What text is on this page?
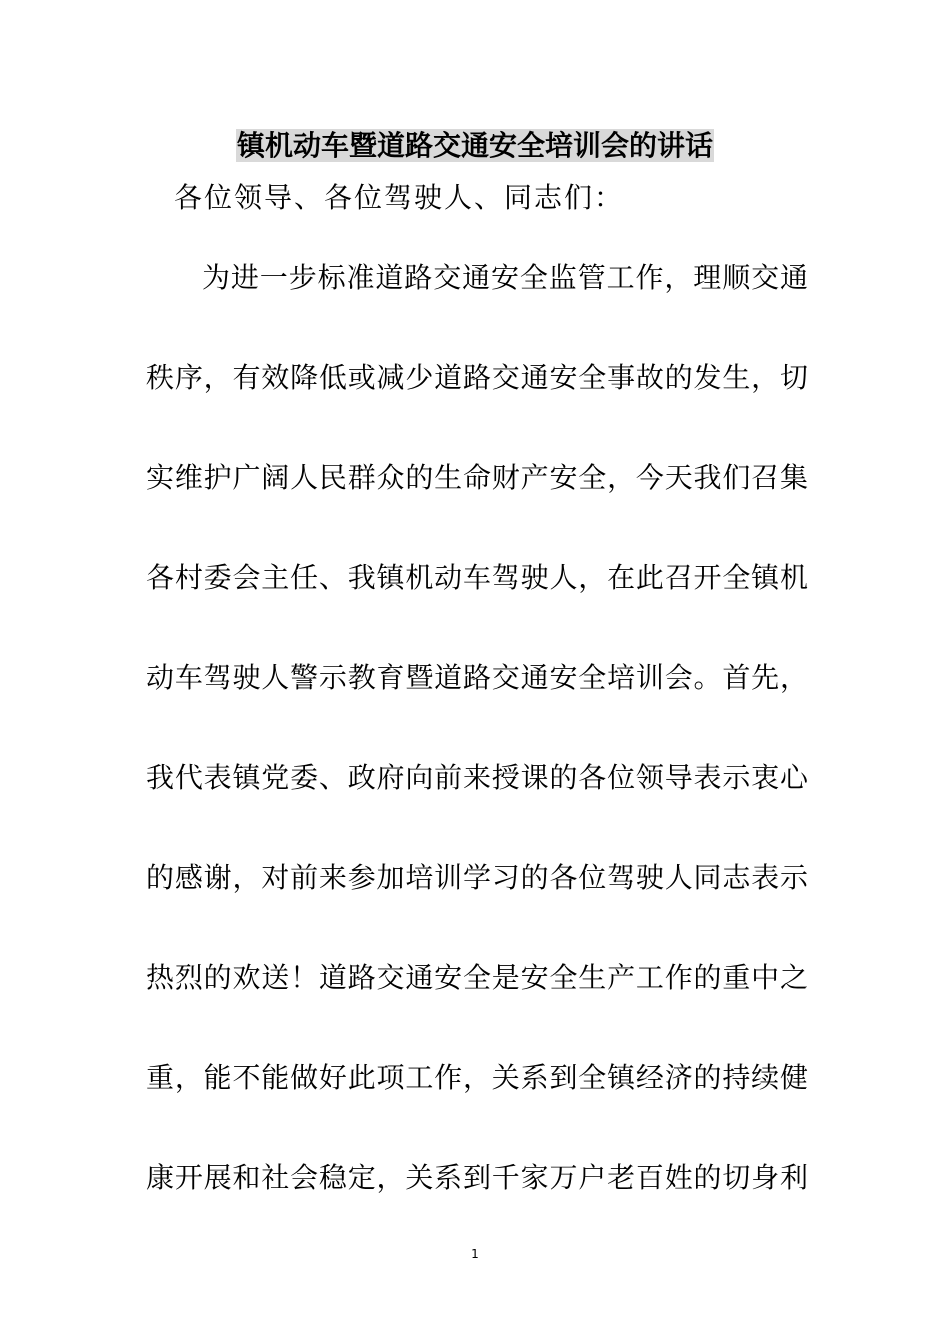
镇机动车暨道路交通安全培训会的讲话
各位领导、各位驾驶人、同志们：
为进一步标准道路交通安全监管工作，理顺交通
秩序，有效降低或减少道路交通安全事故的发生，切
实维护广阔人民群众的生命财产安全，今天我们召集
各村委会主任、我镇机动车驾驶人，在此召开全镇机
动车驾驶人警示教育暨道路交通安全培训会。首先，
我代表镇党委、政府向前来授课的各位领导表示衷心
的感谢，对前来参加培训学习的各位驾驶人同志表示
热烈的欢送！道路交通安全是安全生产工作的重中之
重，能不能做好此项工作，关系到全镇经济的持续健
康开展和社会稳定，关系到千家万户老百姓的切身利
1
